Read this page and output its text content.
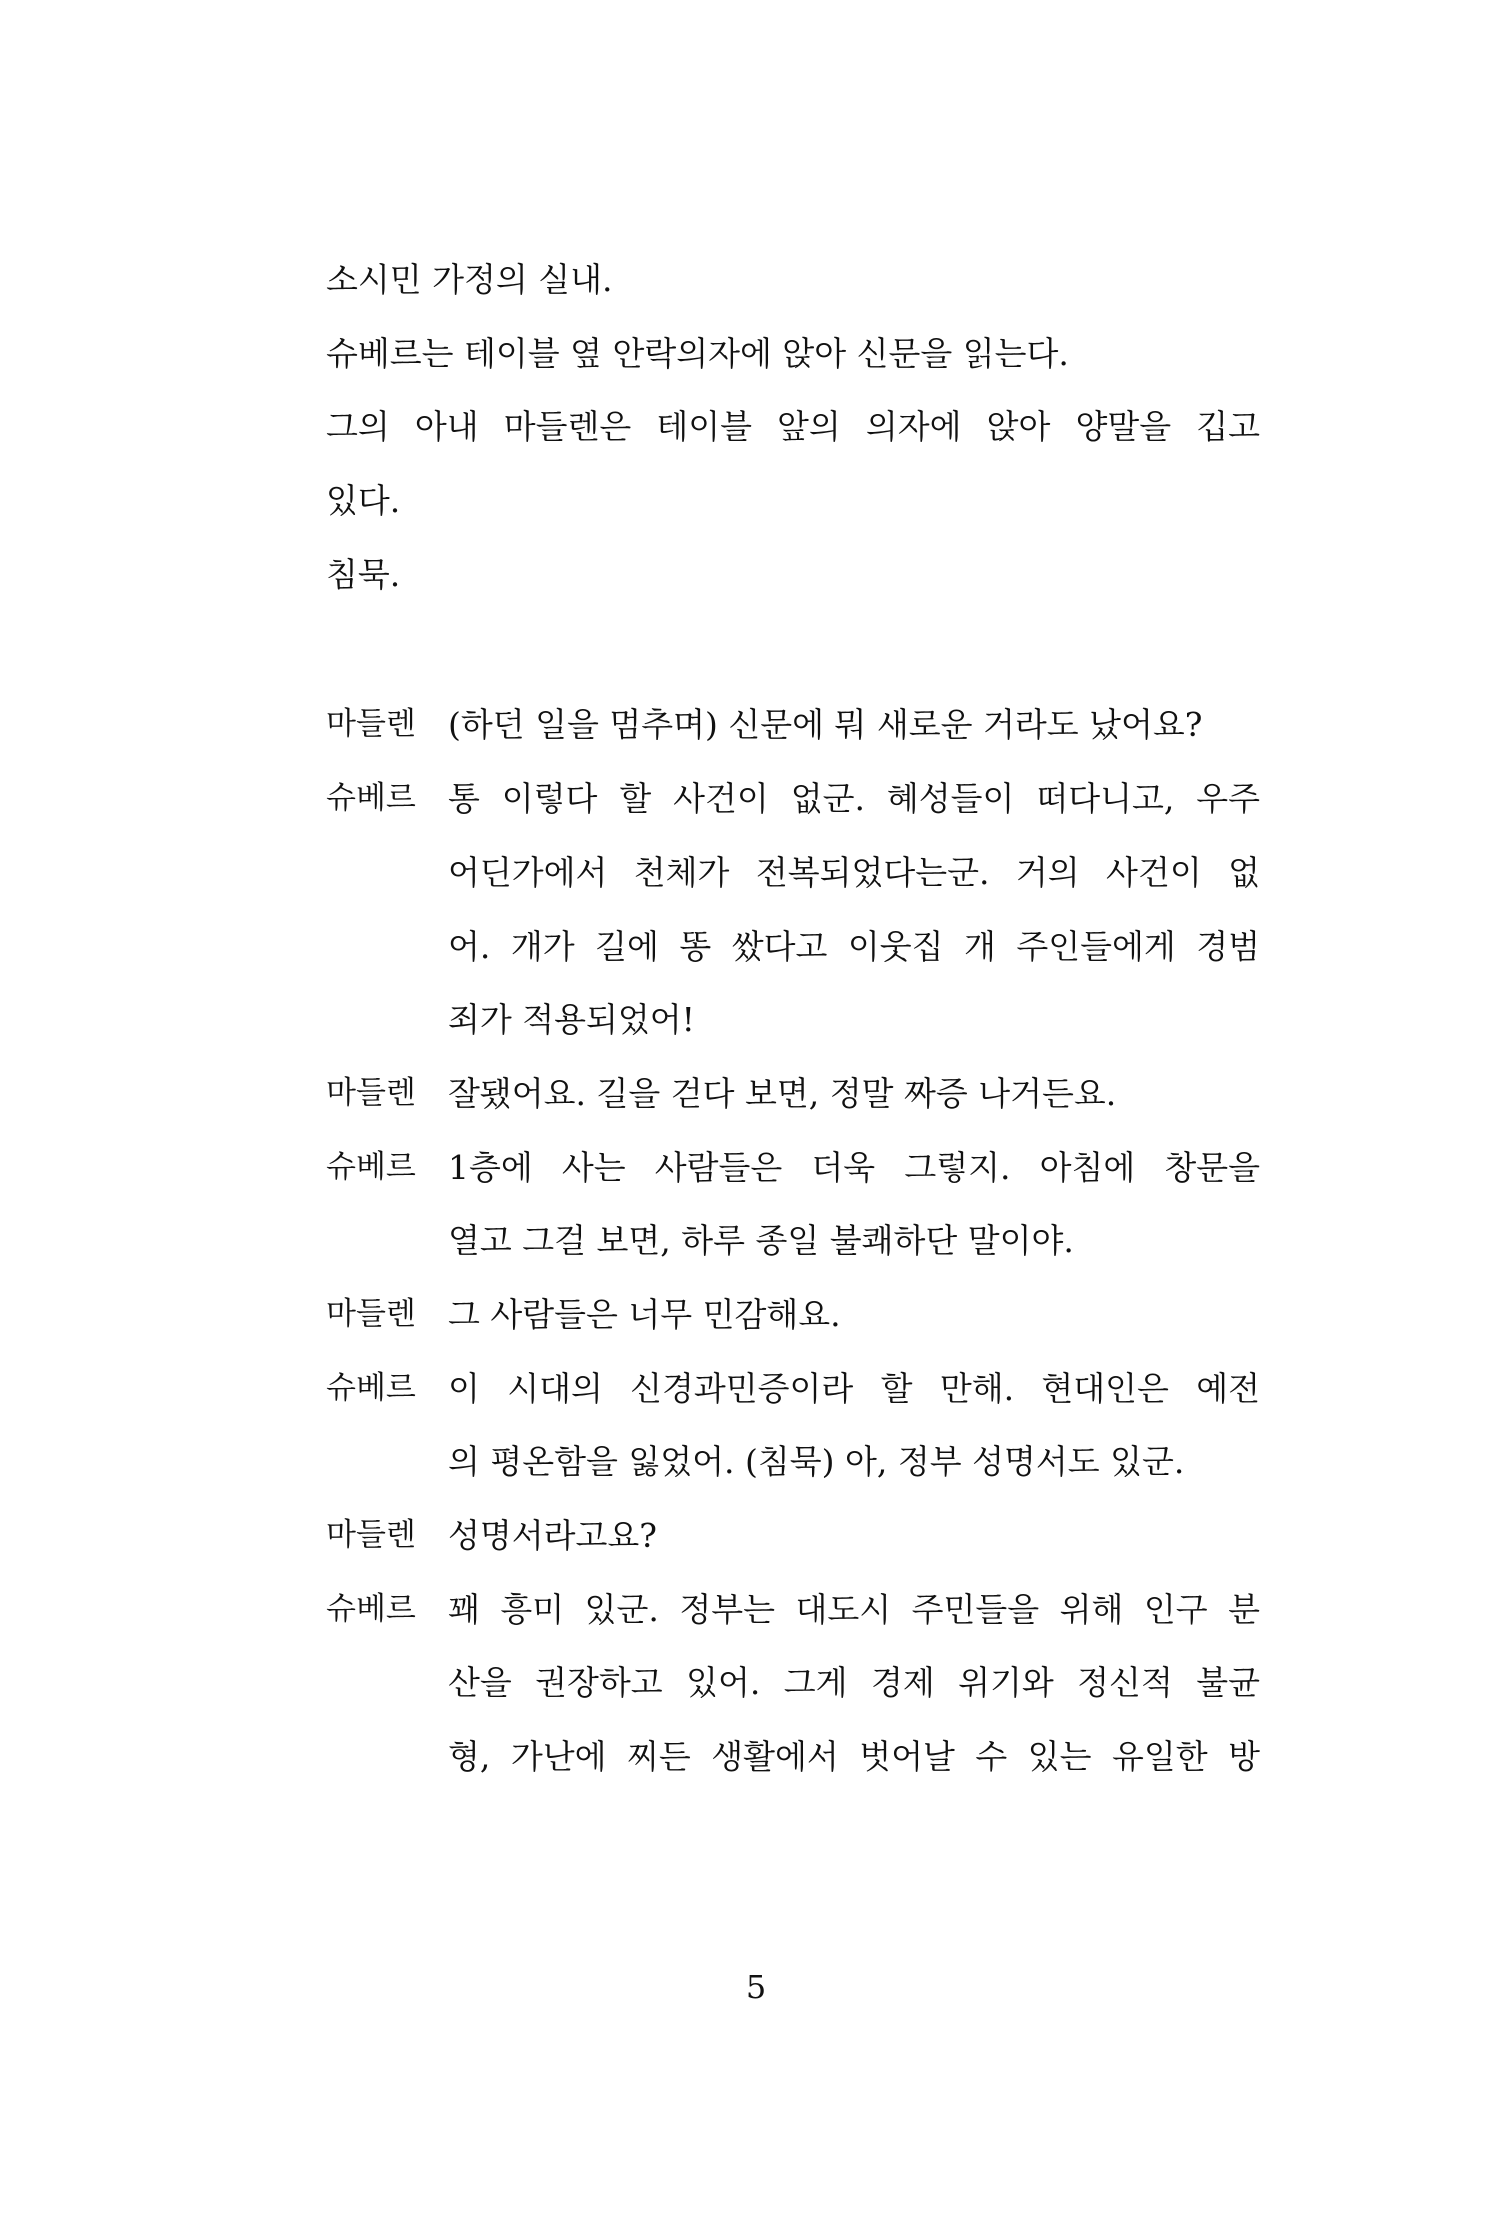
소시민 가정의 실내.
슈베르는 테이블 옆 안락의자에 앉아 신문을 읽는다.
그의 아내 마들렌은 테이블 앞의 의자에 앉아 양말을 깁고
있다.
침묵.
마들렌 (하던 일을 멈추며) 신문에 뭐 새로운 거라도 났어요?
슈베르 통 이렇다 할 사건이 없군. 혜성들이 떠다니고, 우주
어딘가에서 천체가 전복되었다는군. 거의 사건이 없
어. 개가 길에 똥 쌌다고 이웃집 개 주인들에게 경범
죄가 적용되었어!
마들렌 잘됐어요. 길을 걷다 보면, 정말 짜증 나거든요.
슈베르 1층에 사는 사람들은 더욱 그렇지. 아침에 창문을
열고 그걸 보면, 하루 종일 불쾌하단 말이야.
마들렌 그 사람들은 너무 민감해요.
슈베르 이 시대의 신경과민증이라 할 만해. 현대인은 예전
의 평온함을 잃었어. (침묵) 아, 정부 성명서도 있군.
마들렌 성명서라고요?
슈베르 꽤 흥미 있군. 정부는 대도시 주민들을 위해 인구 분
산을 권장하고 있어. 그게 경제 위기와 정신적 불균
형, 가난에 찌든 생활에서 벗어날 수 있는 유일한 방
5
